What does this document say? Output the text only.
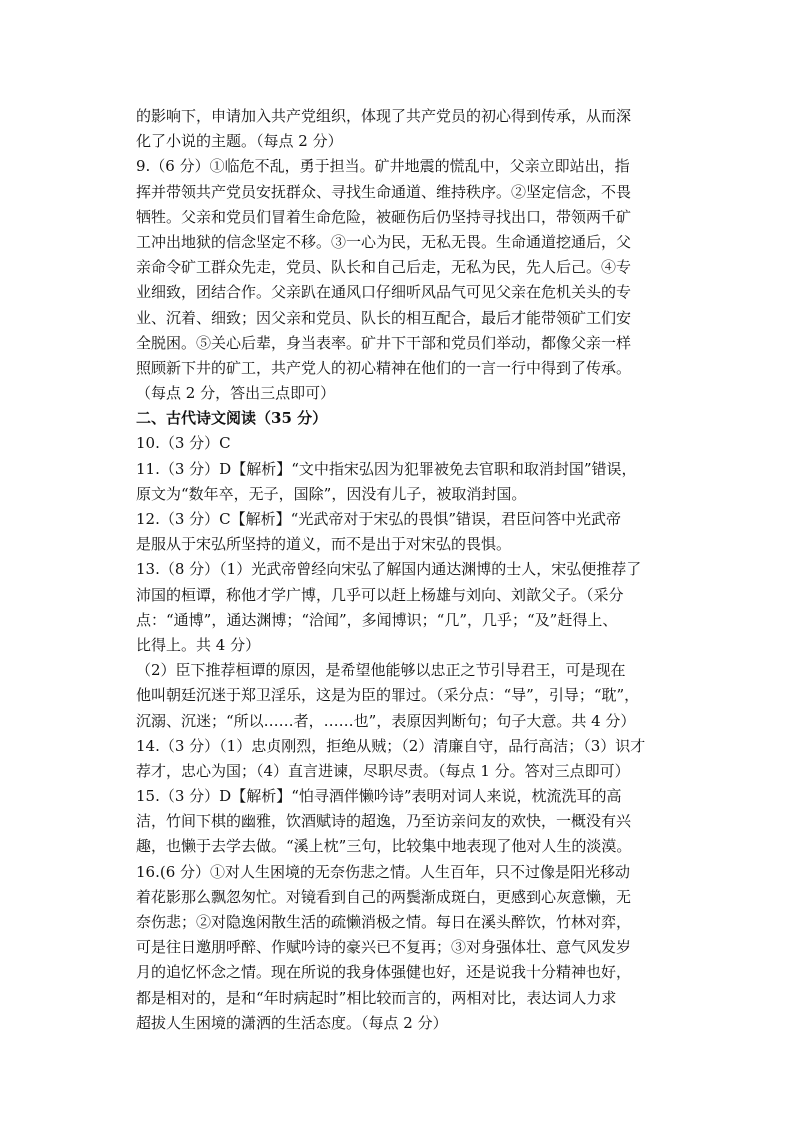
的影响下，申请加入共产党组织，体现了共产党员的初心得到传承，从而深
化了小说的主题。（每点 2 分）
9.（6 分）①临危不乱，勇于担当。矿井地震的慌乱中，父亲立即站出，指
挥并带领共产党员安抚群众、寻找生命通道、维持秩序。②坚定信念，不畏
牺牲。父亲和党员们冒着生命危险，被砸伤后仍坚持寻找出口，带领两千矿
工冲出地狱的信念坚定不移。③一心为民，无私无畏。生命通道挖通后，父
亲命令矿工群众先走，党员、队长和自己后走，无私为民，先人后己。④专
业细致，团结合作。父亲趴在通风口仔细听风品气可见父亲在危机关头的专
业、沉着、细致；因父亲和党员、队长的相互配合，最后才能带领矿工们安
全脱困。⑤关心后辈，身当表率。矿井下干部和党员们举动，都像父亲一样
照顾新下井的矿工，共产党人的初心精神在他们的一言一行中得到了传承。
（每点 2 分，答出三点即可）
二、古代诗文阅读（35 分）
10.（3 分）C
11.（3 分）D【解析】“文中指宋弘因为犯罪被免去官职和取消封国”错误，
原文为“数年卒，无子，国除”，因没有儿子，被取消封国。
12.（3 分）C【解析】“光武帝对于宋弘的畏惧”错误，君臣问答中光武帝
是服从于宋弘所坚持的道义，而不是出于对宋弘的畏惧。
13.（8 分）（1）光武帝曾经向宋弘了解国内通达渊博的士人，宋弘便推荐了
沛国的桓谭，称他才学广博，几乎可以赶上杨雄与刘向、刘歆父子。（采分
点：“通博”，通达渊博；“洽闻”，多闻博识；“几”，几乎；“及”赶得上、
比得上。共 4 分）
（2）臣下推荐桓谭的原因，是希望他能够以忠正之节引导君王，可是现在
他叫朝廷沉迷于郑卫淫乐，这是为臣的罪过。（采分点：“导”，引导；“耽”，
沉溺、沉迷；“所以……者，……也”，表原因判断句；句子大意。共 4 分）
14.（3 分）（1）忠贞刚烈，拒绝从贼；（2）清廉自守，品行高洁；（3）识才
荐才，忠心为国；（4）直言进谏，尽职尽责。（每点 1 分。答对三点即可）
15.（3 分）D【解析】“怕寻酒伴懒吟诗”表明对词人来说，枕流洗耳的高
洁，竹间下棋的幽雅，饮酒赋诗的超逸，乃至访亲问友的欢快，一概没有兴
趣，也懒于去学去做。“溪上枕”三句，比较集中地表现了他对人生的淡漠。
16.(6 分）①对人生困境的无奈伤悲之情。人生百年，只不过像是阳光移动
着花影那么飘忽匆忙。对镜看到自己的两鬓渐成斑白，更感到心灰意懒，无
奈伤悲；②对隐逸闲散生活的疏懒消极之情。每日在溪头醉饮，竹林对弈，
可是往日邀朋呼醉、作赋吟诗的豪兴已不复再；③对身强体壮、意气风发岁
月的追忆怀念之情。现在所说的我身体强健也好，还是说我十分精神也好，
都是相对的，是和“年时病起时”相比较而言的，两相对比，表达词人力求
超拔人生困境的潇洒的生活态度。（每点 2 分）
